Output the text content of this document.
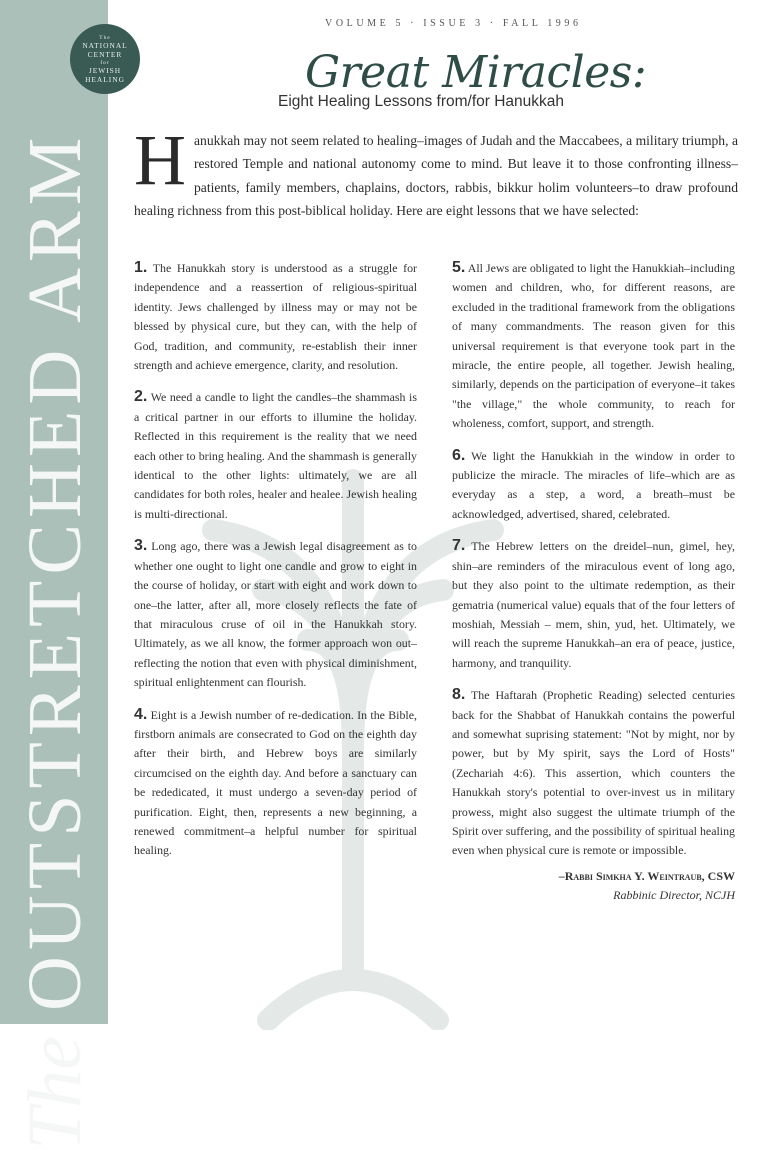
The OUTSTRETCHED ARM
The
NATIONAL
CENTER
for
JEWISH
HEALING
VOLUME 5 · ISSUE 3 · FALL 1996
Great Miracles:
Eight Healing Lessons from/for Hanukkah
Hanukkah may not seem related to healing–images of Judah and the Maccabees, a military triumph, a restored Temple and national autonomy come to mind. But leave it to those confronting illness–patients, family members, chaplains, doctors, rabbis, bikkur holim volunteers–to draw profound healing richness from this post-biblical holiday. Here are eight lessons that we have selected:

1. The Hanukkah story is understood as a struggle for independence and a reassertion of religious-spiritual identity. Jews challenged by illness may or may not be blessed by physical cure, but they can, with the help of God, tradition, and community, re-establish their inner strength and achieve emergence, clarity, and resolution.

2. We need a candle to light the candles–the shammash is a critical partner in our efforts to illumine the holiday. Reflected in this requirement is the reality that we need each other to bring healing. And the shammash is generally identical to the other lights: ultimately, we are all candidates for both roles, healer and healee. Jewish healing is multi-directional.

3. Long ago, there was a Jewish legal disagreement as to whether one ought to light one candle and grow to eight in the course of holiday, or start with eight and work down to one–the latter, after all, more closely reflects the fate of that miraculous cruse of oil in the Hanukkah story. Ultimately, as we all know, the former approach won out–reflecting the notion that even with physical diminishment, spiritual enlightenment can flourish.

4. Eight is a Jewish number of re-dedication. In the Bible, firstborn animals are consecrated to God on the eighth day after their birth, and Hebrew boys are similarly circumcised on the eighth day. And before a sanctuary can be rededicated, it must undergo a seven-day period of purification. Eight, then, represents a new beginning, a renewed commitment–a helpful number for spiritual healing.

5. All Jews are obligated to light the Hanukkiah–including women and children, who, for different reasons, are excluded in the traditional framework from the obligations of many commandments. The reason given for this universal requirement is that everyone took part in the miracle, the entire people, all together. Jewish healing, similarly, depends on the participation of everyone–it takes "the village," the whole community, to reach for wholeness, comfort, support, and strength.

6. We light the Hanukkiah in the window in order to publicize the miracle. The miracles of life–which are as everyday as a step, a word, a breath–must be acknowledged, advertised, shared, celebrated.

7. The Hebrew letters on the dreidel–nun, gimel, hey, shin–are reminders of the miraculous event of long ago, but they also point to the ultimate redemption, as their gematria (numerical value) equals that of the four letters of moshiah, Messiah – mem, shin, yud, het. Ultimately, we will reach the supreme Hanukkah–an era of peace, justice, harmony, and tranquility.

8. The Haftarah (Prophetic Reading) selected centuries back for the Shabbat of Hanukkah contains the powerful and somewhat suprising statement: "Not by might, nor by power, but by My spirit, says the Lord of Hosts" (Zechariah 4:6). This assertion, which counters the Hanukkah story's potential to over-invest us in military prowess, might also suggest the ultimate triumph of the Spirit over suffering, and the possibility of spiritual healing even when physical cure is remote or impossible.

–Rabbi Simkha Y. Weintraub, CSW
Rabbinic Director, NCJH
